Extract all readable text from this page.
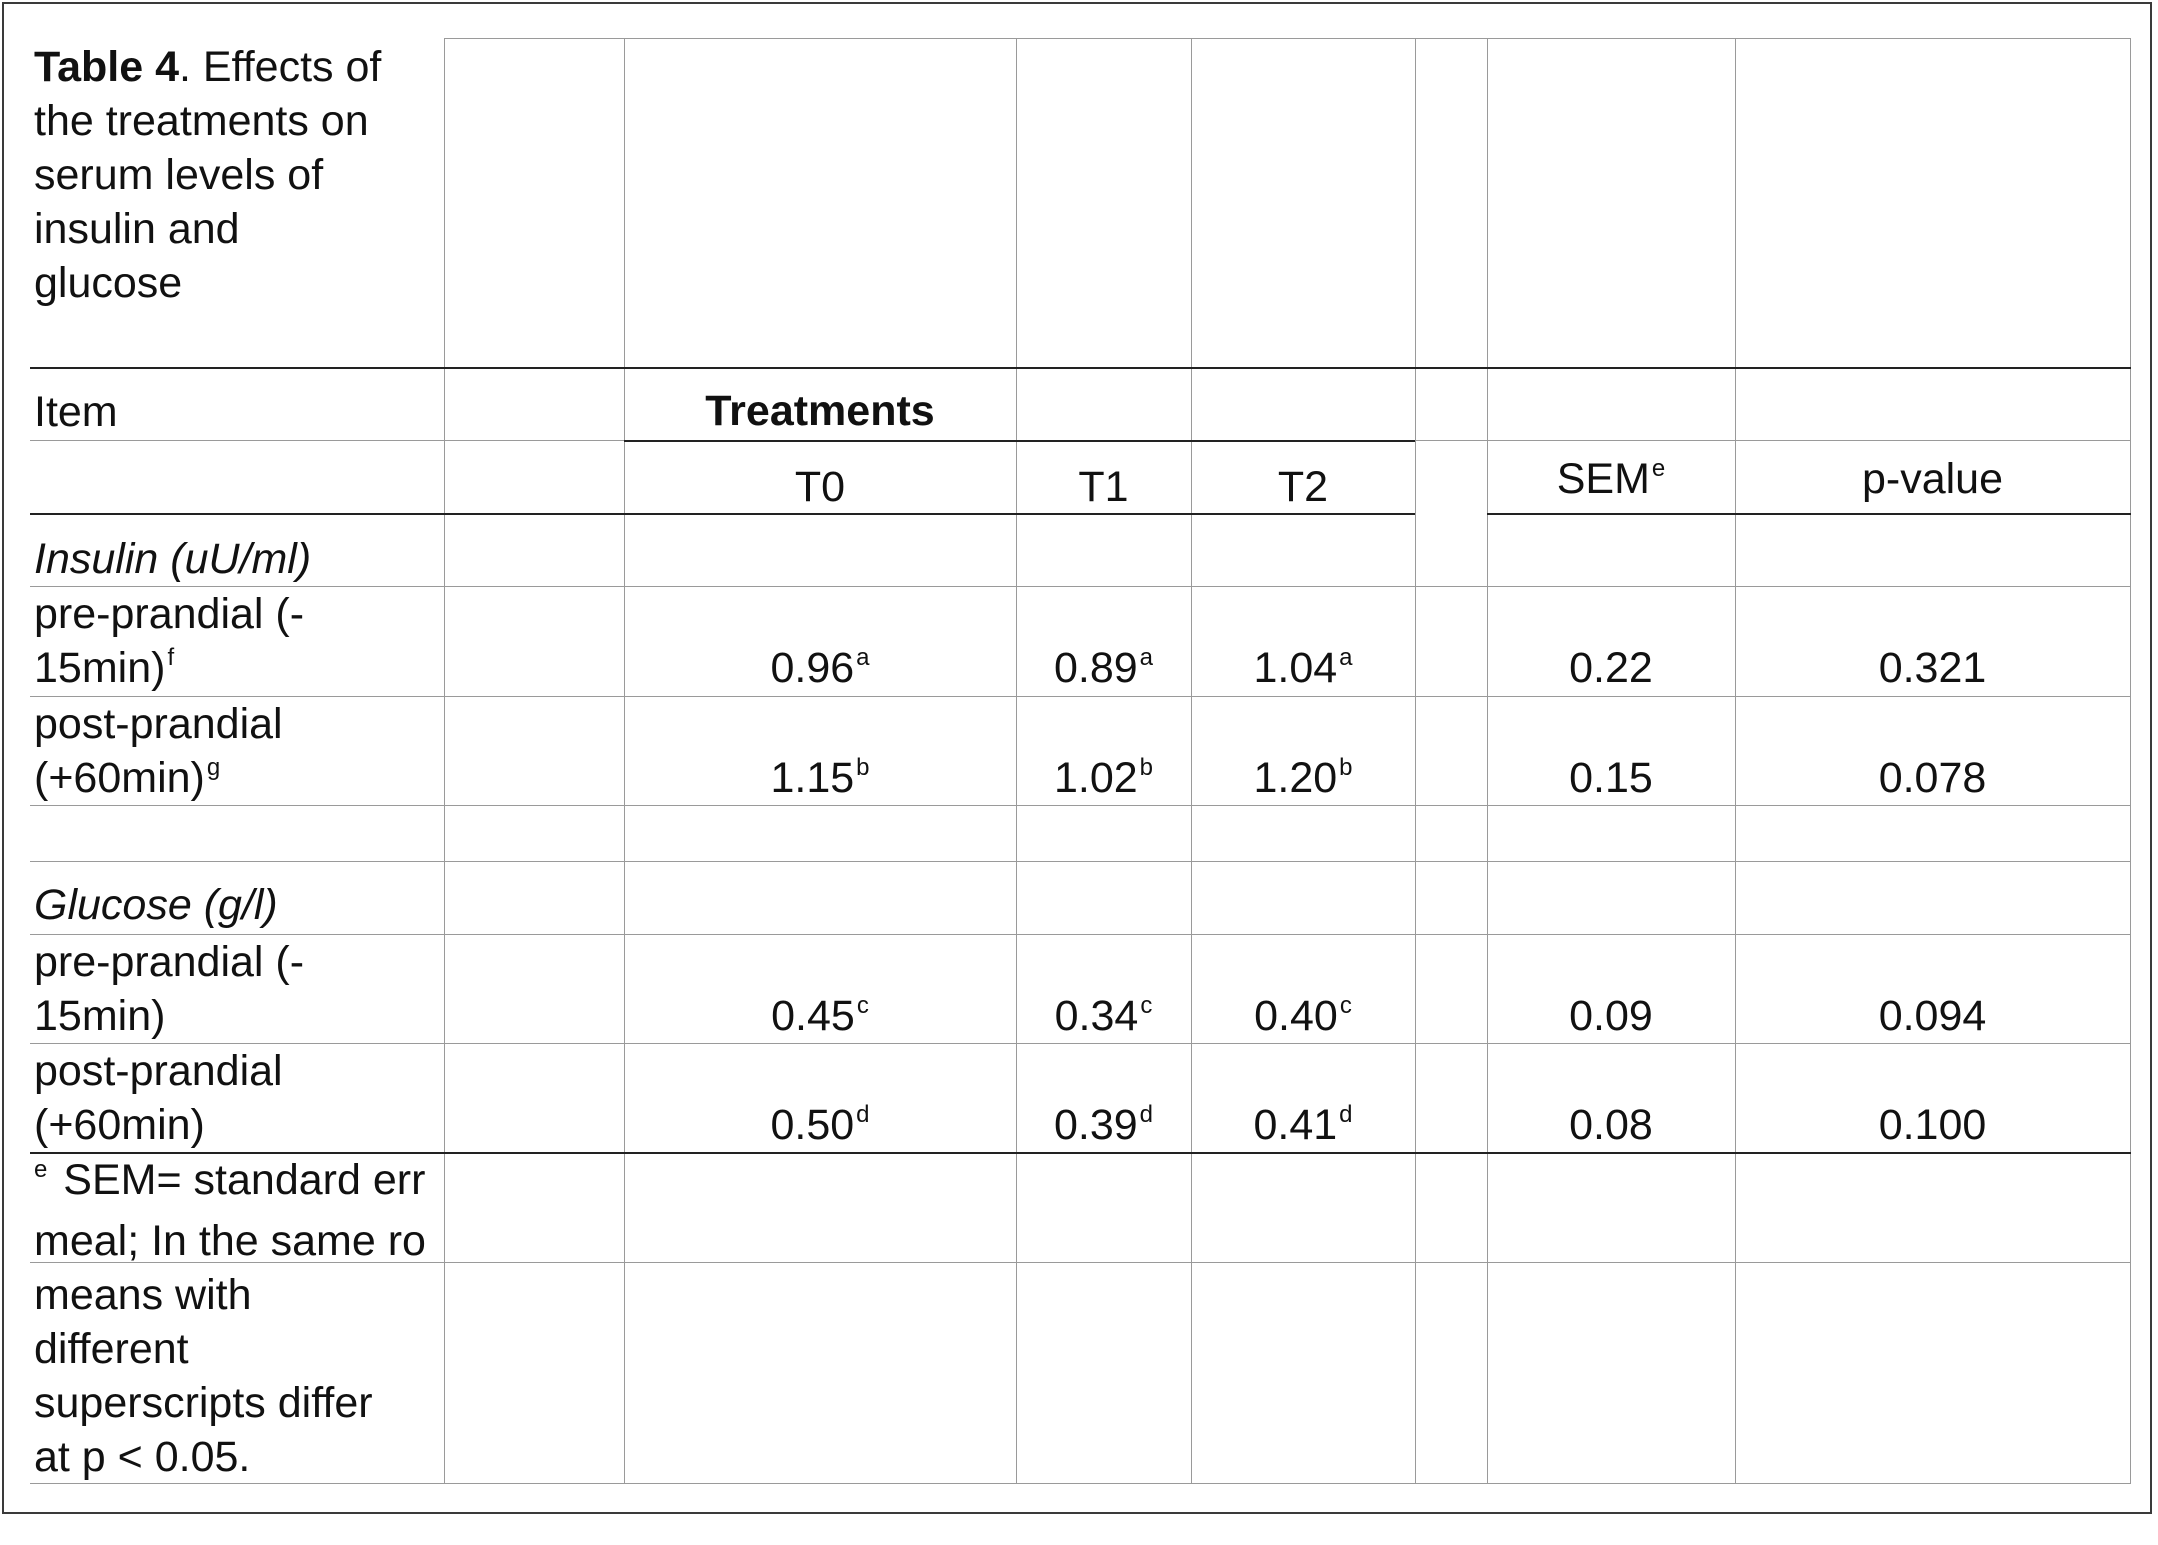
Table 4. Effects of
the treatments on
serum levels of
insulin and
glucose
Item	Treatments
T0	T1	T2	SEM$^e$	p-value
Insulin (uU/ml)
pre-prandial (-
15min)$^f$	0.96$^a$	0.89$^a$	1.04$^a$	0.22	0.321
post-prandial
$(+60\min)^g$	1.15$^b$	1.02$^b$	1.20$^b$	0.15	0.078
Glucose (g/l)
pre-prandial (-
15min)	0.45$^c$	0.34$^c$	0.40$^c$	0.09	0.094
post-prandial
(+60min)	0.50$^d$	0.39$^d$	0.41$^d$	0.08	0.100
$^e$ SEM= standard err
meal; In the same ro
means with
different
superscripts differ
at p < 0.05.
